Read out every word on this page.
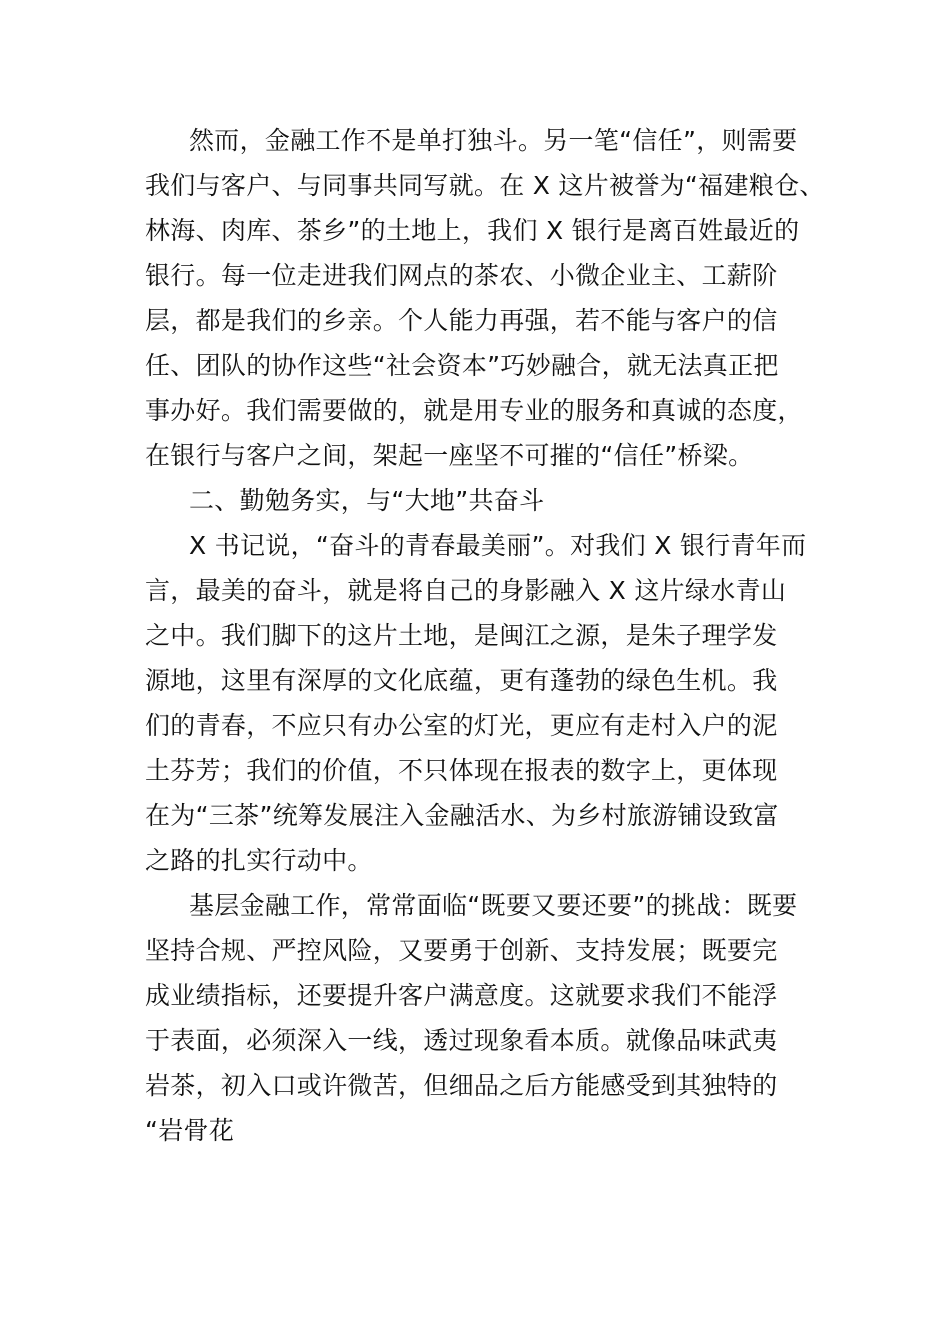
然而，金融工作不是单打独斗。另一笔“信任”，则需要
我们与客户、与同事共同写就。在 X 这片被誉为“福建粮仓、
林海、肉库、茶乡”的土地上，我们 X 银行是离百姓最近的
银行。每一位走进我们网点的茶农、小微企业主、工薪阶
层，都是我们的乡亲。个人能力再强，若不能与客户的信
任、团队的协作这些“社会资本”巧妙融合，就无法真正把
事办好。我们需要做的，就是用专业的服务和真诚的态度，
在银行与客户之间，架起一座坚不可摧的“信任”桥梁。
二、勤勉务实，与“大地”共奋斗
X 书记说，“奋斗的青春最美丽”。对我们 X 银行青年而
言，最美的奋斗，就是将自己的身影融入 X 这片绿水青山
之中。我们脚下的这片土地，是闽江之源，是朱子理学发
源地，这里有深厚的文化底蕴，更有蓬勃的绿色生机。我
们的青春，不应只有办公室的灯光，更应有走村入户的泥
土芬芳；我们的价值，不只体现在报表的数字上，更体现
在为“三茶”统筹发展注入金融活水、为乡村旅游铺设致富
之路的扎实行动中。
基层金融工作，常常面临“既要又要还要”的挑战：既要
坚持合规、严控风险，又要勇于创新、支持发展；既要完
成业绩指标，还要提升客户满意度。这就要求我们不能浮
于表面，必须深入一线，透过现象看本质。就像品味武夷
岩茶，初入口或许微苦，但细品之后方能感受到其独特的
“岩骨花
